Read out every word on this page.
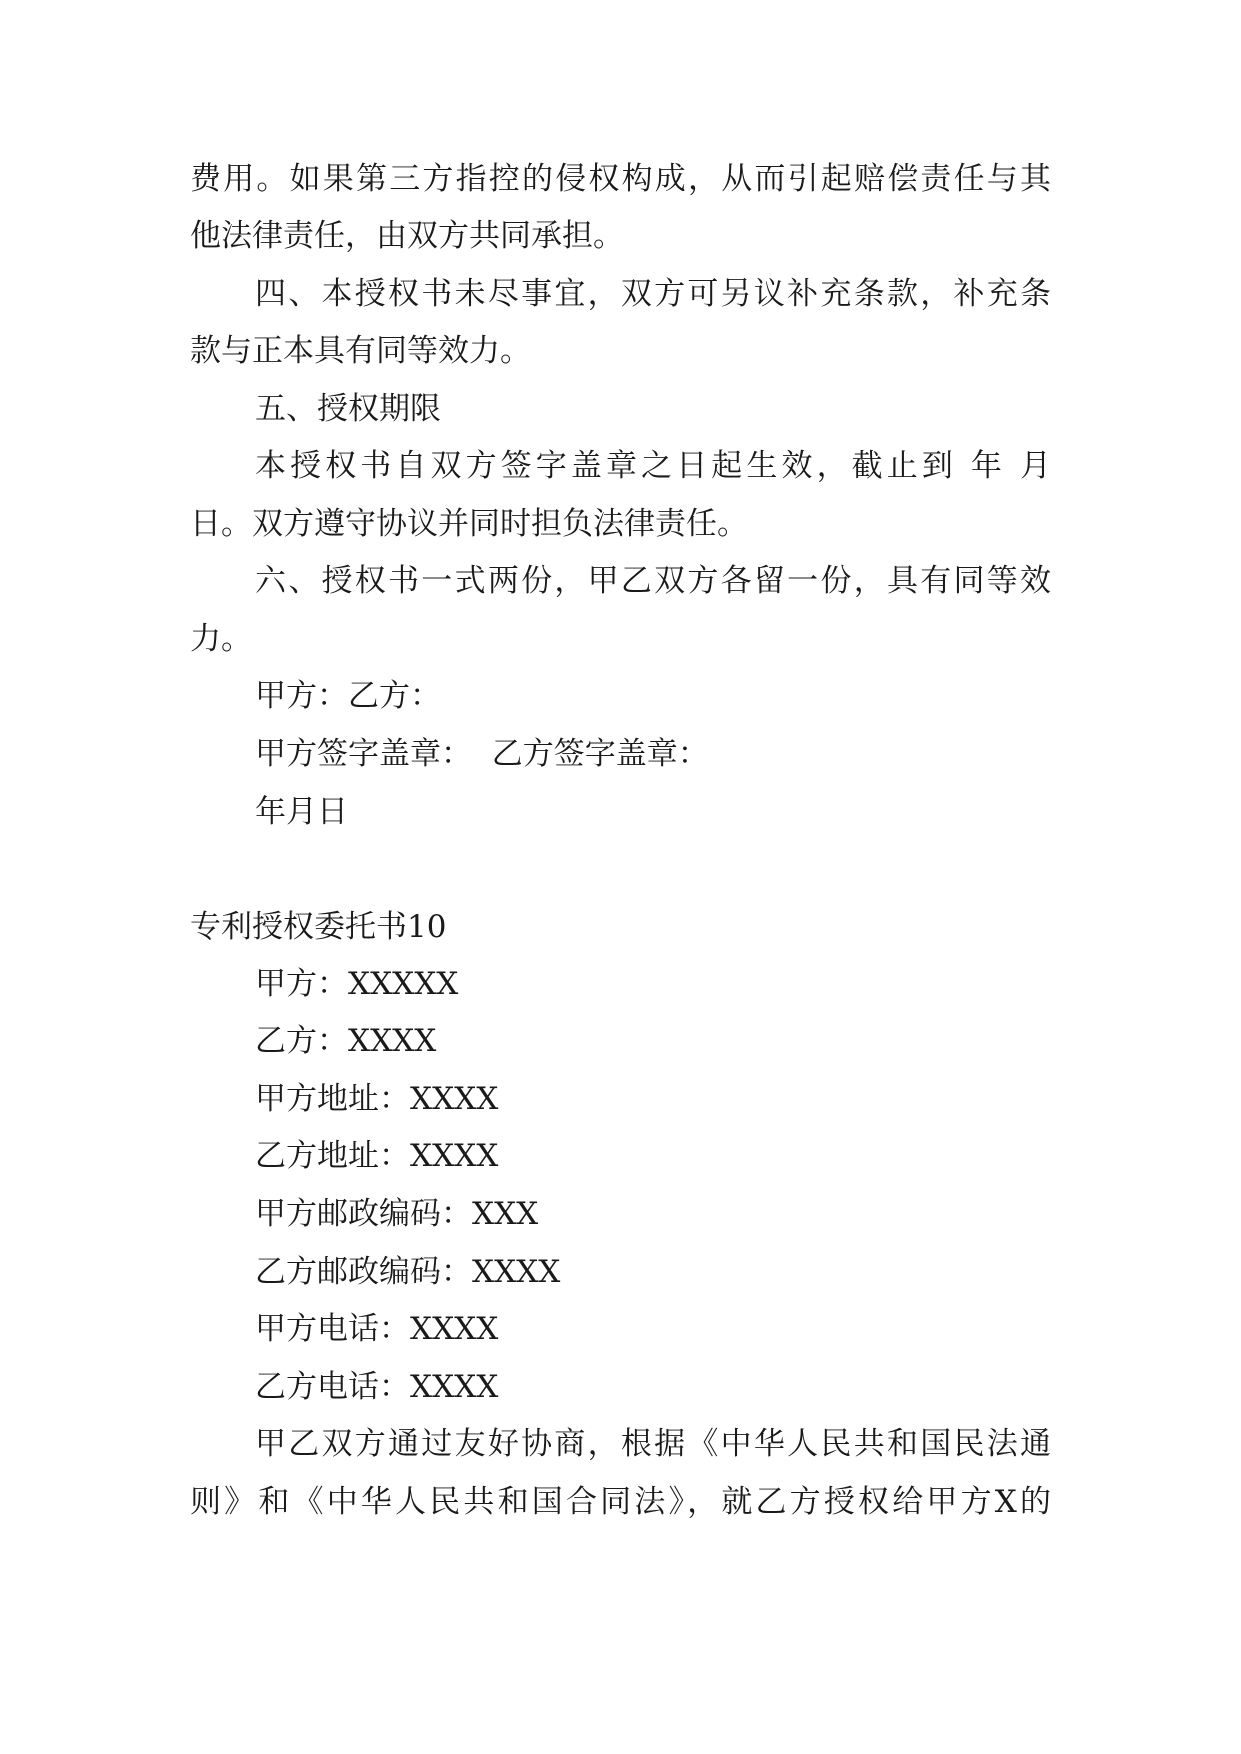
费用。如果第三方指控的侵权构成，从而引起赔偿责任与其
他法律责任，由双方共同承担。
四、本授权书未尽事宜，双方可另议补充条款，补充条
款与正本具有同等效力。
五、授权期限
本授权书自双方签字盖章之日起生效，截止到 年 月
日。双方遵守协议并同时担负法律责任。
六、授权书一式两份，甲乙双方各留一份，具有同等效
力。
甲方：乙方：
甲方签字盖章：  乙方签字盖章：
年月日
专利授权委托书10
甲方：XXXXX
乙方：XXXX
甲方地址：XXXX
乙方地址：XXXX
甲方邮政编码：XXX
乙方邮政编码：XXXX
甲方电话：XXXX
乙方电话：XXXX
甲乙双方通过友好协商，根据《中华人民共和国民法通
则》和《中华人民共和国合同法》，就乙方授权给甲方X的
